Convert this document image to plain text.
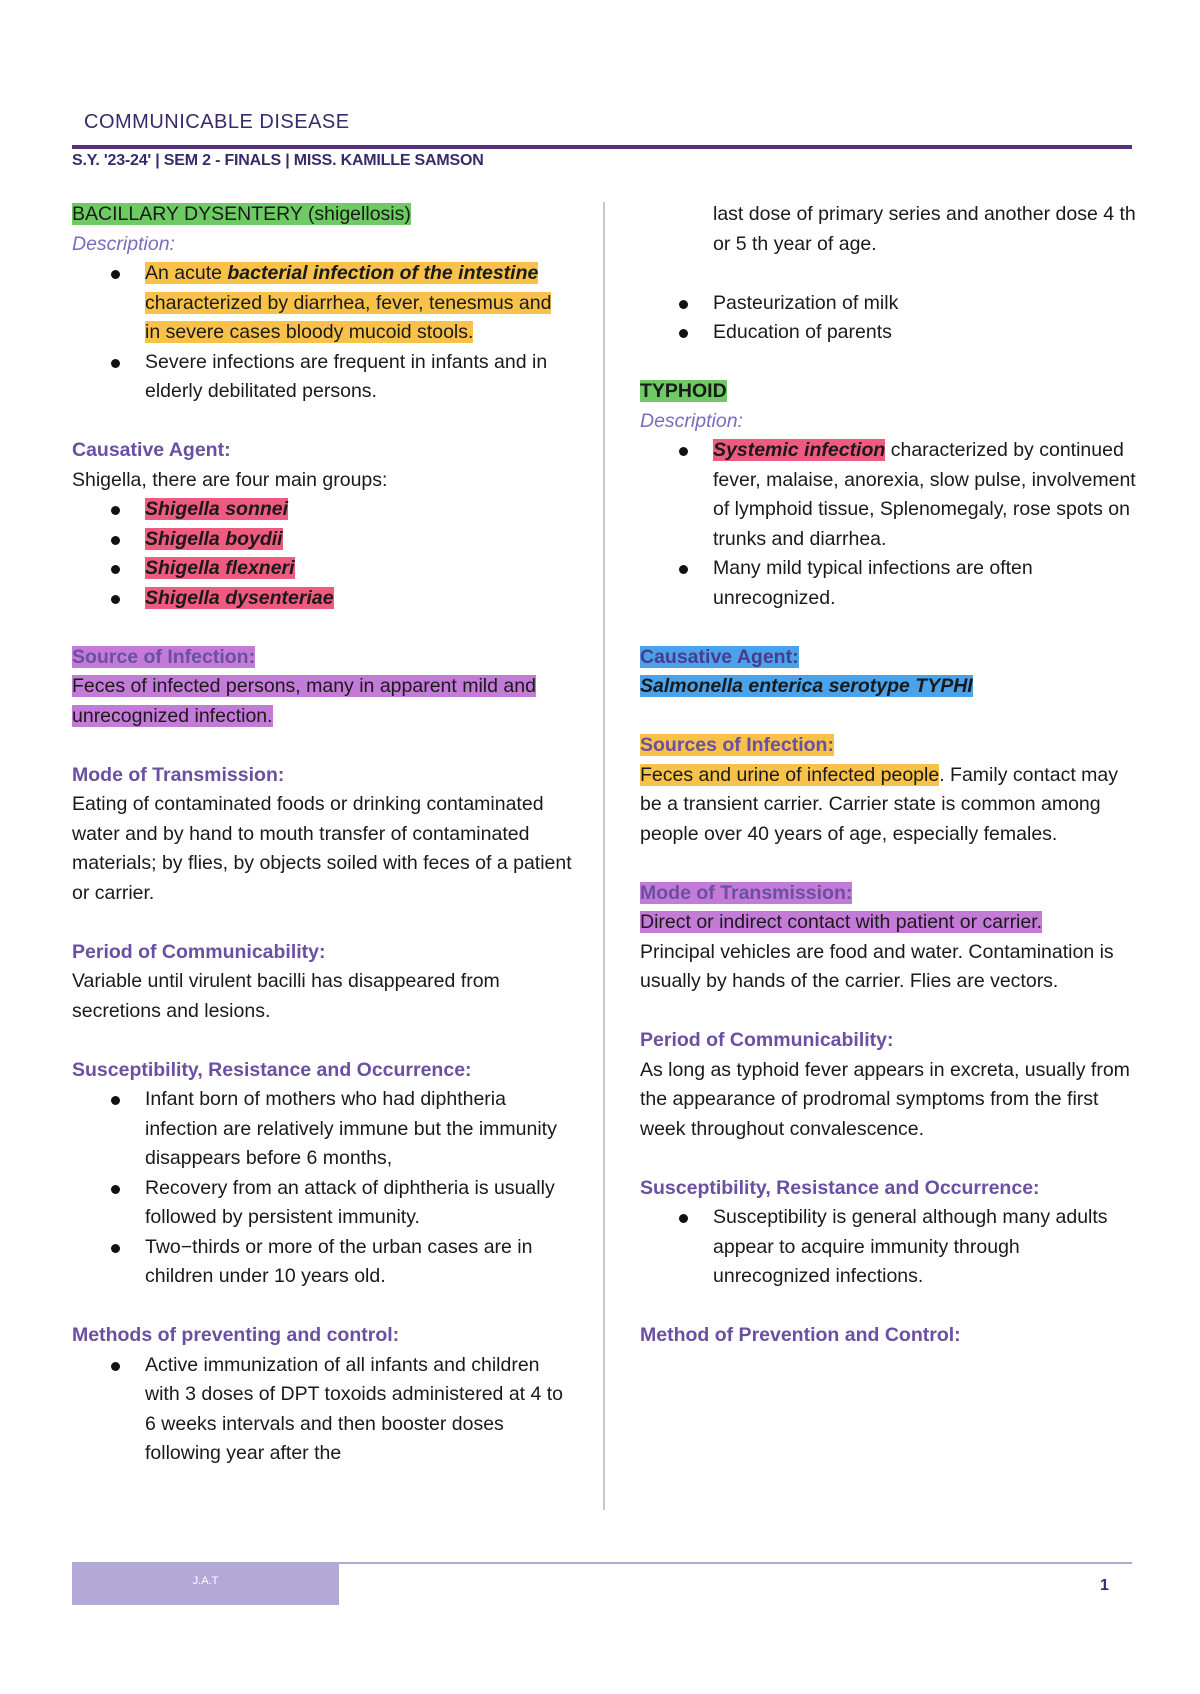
COMMUNICABLE DISEASE
S.Y. '23-24' | SEM 2 - FINALS | MISS. KAMILLE SAMSON

BACILLARY DYSENTERY (shigellosis)

Description:

An acute bacterial infection of the intestine characterized by diarrhea, fever, tenesmus and in severe cases bloody mucoid stools.
Severe infections are frequent in infants and in elderly debilitated persons.

Causative Agent:

Shigella, there are four main groups:

Shigella sonnei
Shigella boydii
Shigella flexneri
Shigella dysenteriae

Source of Infection:

Feces of infected persons, many in apparent mild and unrecognized infection.

Mode of Transmission:

Eating of contaminated foods or drinking contaminated water and by hand to mouth transfer of contaminated materials; by flies, by objects soiled with feces of a patient or carrier.

Period of Communicability:

Variable until virulent bacilli has disappeared from secretions and lesions.

Susceptibility, Resistance and Occurrence:

Infant born of mothers who had diphtheria infection are relatively immune but the immunity disappears before 6 months,
Recovery from an attack of diphtheria is usually followed by persistent immunity.
Two−thirds or more of the urban cases are in children under 10 years old.

Methods of preventing and control:

Active immunization of all infants and children with 3 doses of DPT toxoids administered at 4 to 6 weeks intervals and then booster doses following year after the

last dose of primary series and another dose 4 th or 5 th year of age.

Pasteurization of milk
Education of parents

TYPHOID

Description:

Systemic infection characterized by continued fever, malaise, anorexia, slow pulse, involvement of lymphoid tissue, Splenomegaly, rose spots on trunks and diarrhea.
Many mild typical infections are often unrecognized.

Causative Agent:

Salmonella enterica serotype TYPHI

Sources of Infection:

Feces and urine of infected people. Family contact may be a transient carrier. Carrier state is common among people over 40 years of age, especially females.

Mode of Transmission:

Direct or indirect contact with patient or carrier.

Principal vehicles are food and water. Contamination is usually by hands of the carrier. Flies are vectors.

Period of Communicability:

As long as typhoid fever appears in excreta, usually from the appearance of prodromal symptoms from the first week throughout convalescence.

Susceptibility, Resistance and Occurrence:

Susceptibility is general although many adults appear to acquire immunity through unrecognized infections.

Method of Prevention and Control:

J.A.T	1
